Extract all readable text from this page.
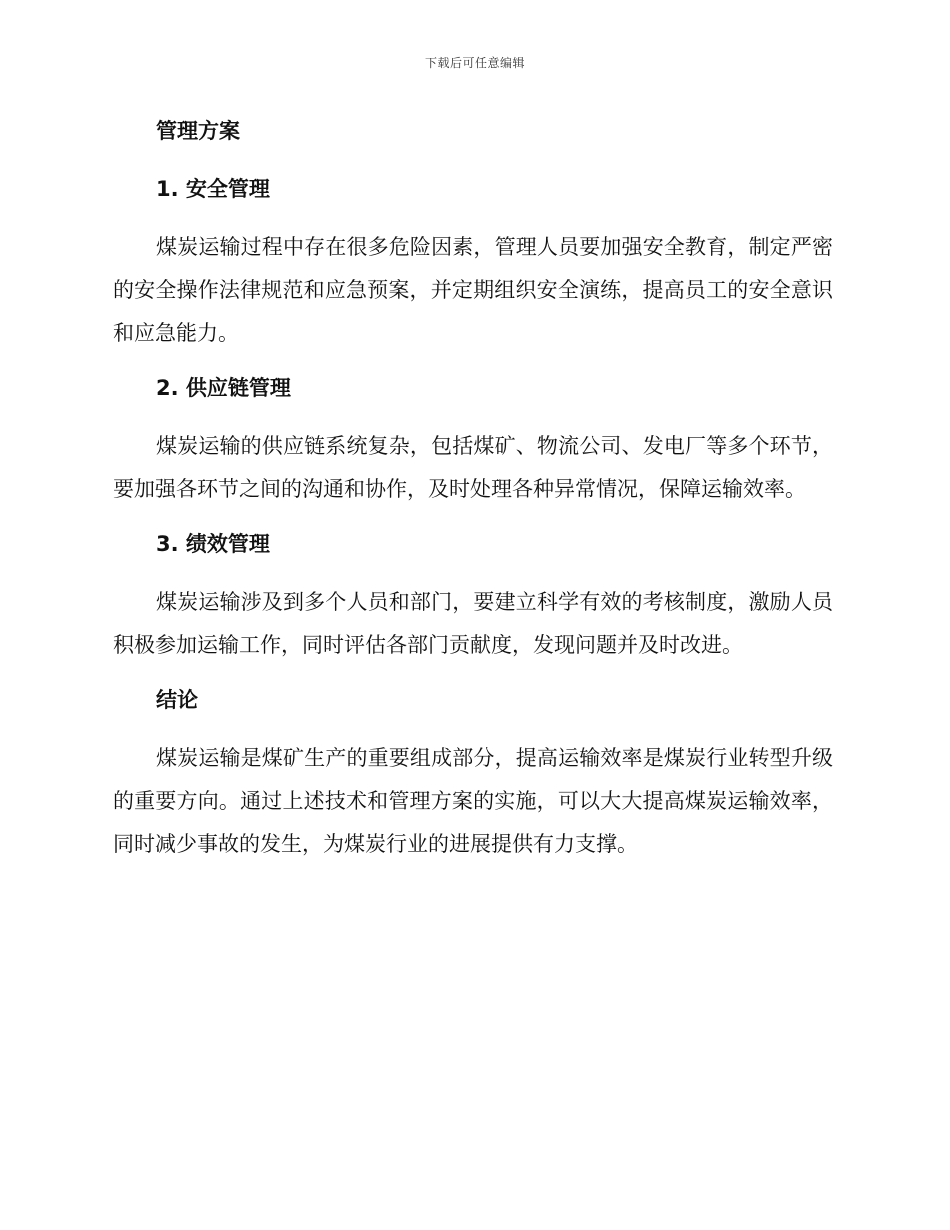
下载后可任意编辑
管理方案
1. 安全管理

煤炭运输过程中存在很多危险因素，管理人员要加强安全教育，制定严密的安全操作法律规范和应急预案，并定期组织安全演练，提高员工的安全意识和应急能力。

2. 供应链管理

煤炭运输的供应链系统复杂，包括煤矿、物流公司、发电厂等多个环节，要加强各环节之间的沟通和协作，及时处理各种异常情况，保障运输效率。

3. 绩效管理

煤炭运输涉及到多个人员和部门，要建立科学有效的考核制度，激励人员积极参加运输工作，同时评估各部门贡献度，发现问题并及时改进。

结论

煤炭运输是煤矿生产的重要组成部分，提高运输效率是煤炭行业转型升级的重要方向。通过上述技术和管理方案的实施，可以大大提高煤炭运输效率，同时减少事故的发生，为煤炭行业的进展提供有力支撑。
